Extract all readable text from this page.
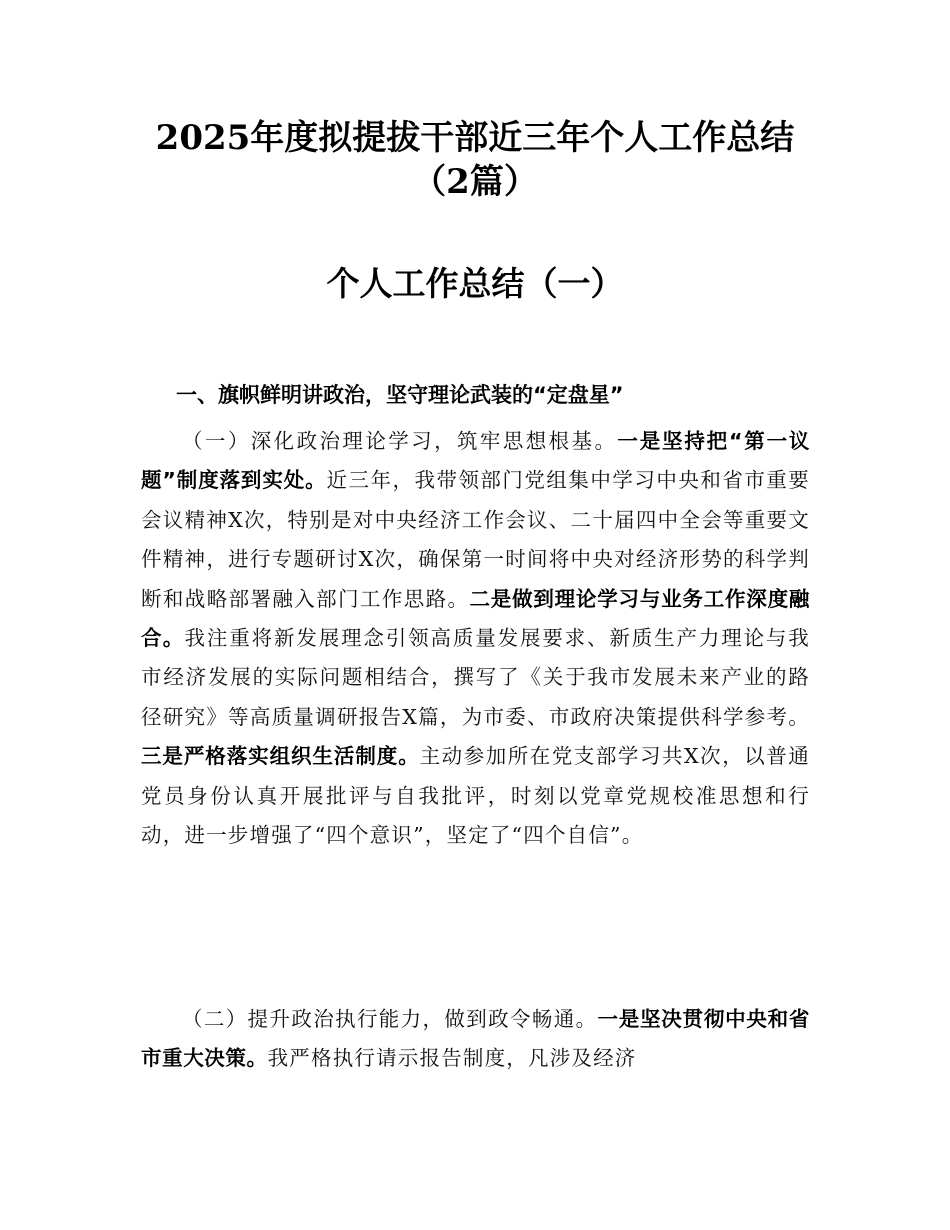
2025年度拟提拔干部近三年个人工作总结
（2篇）
个人工作总结（一）
一、旗帜鲜明讲政治，坚守理论武装的“定盘星”

（一）深化政治理论学习，筑牢思想根基。一是坚持把“第一议题”制度落到实处。近三年，我带领部门党组集中学习中央和省市重要会议精神X次，特别是对中央经济工作会议、二十届四中全会等重要文件精神，进行专题研讨X次，确保第一时间将中央对经济形势的科学判断和战略部署融入部门工作思路。二是做到理论学习与业务工作深度融合。我注重将新发展理念引领高质量发展要求、新质生产力理论与我市经济发展的实际问题相结合，撰写了《关于我市发展未来产业的路径研究》等高质量调研报告X篇，为市委、市政府决策提供科学参考。三是严格落实组织生活制度。主动参加所在党支部学习共X次，以普通党员身份认真开展批评与自我批评，时刻以党章党规校准思想和行动，进一步增强了“四个意识”，坚定了“四个自信”。

（二）提升政治执行能力，做到政令畅通。一是坚决贯彻中央和省市重大决策。我严格执行请示报告制度，凡涉及经济
